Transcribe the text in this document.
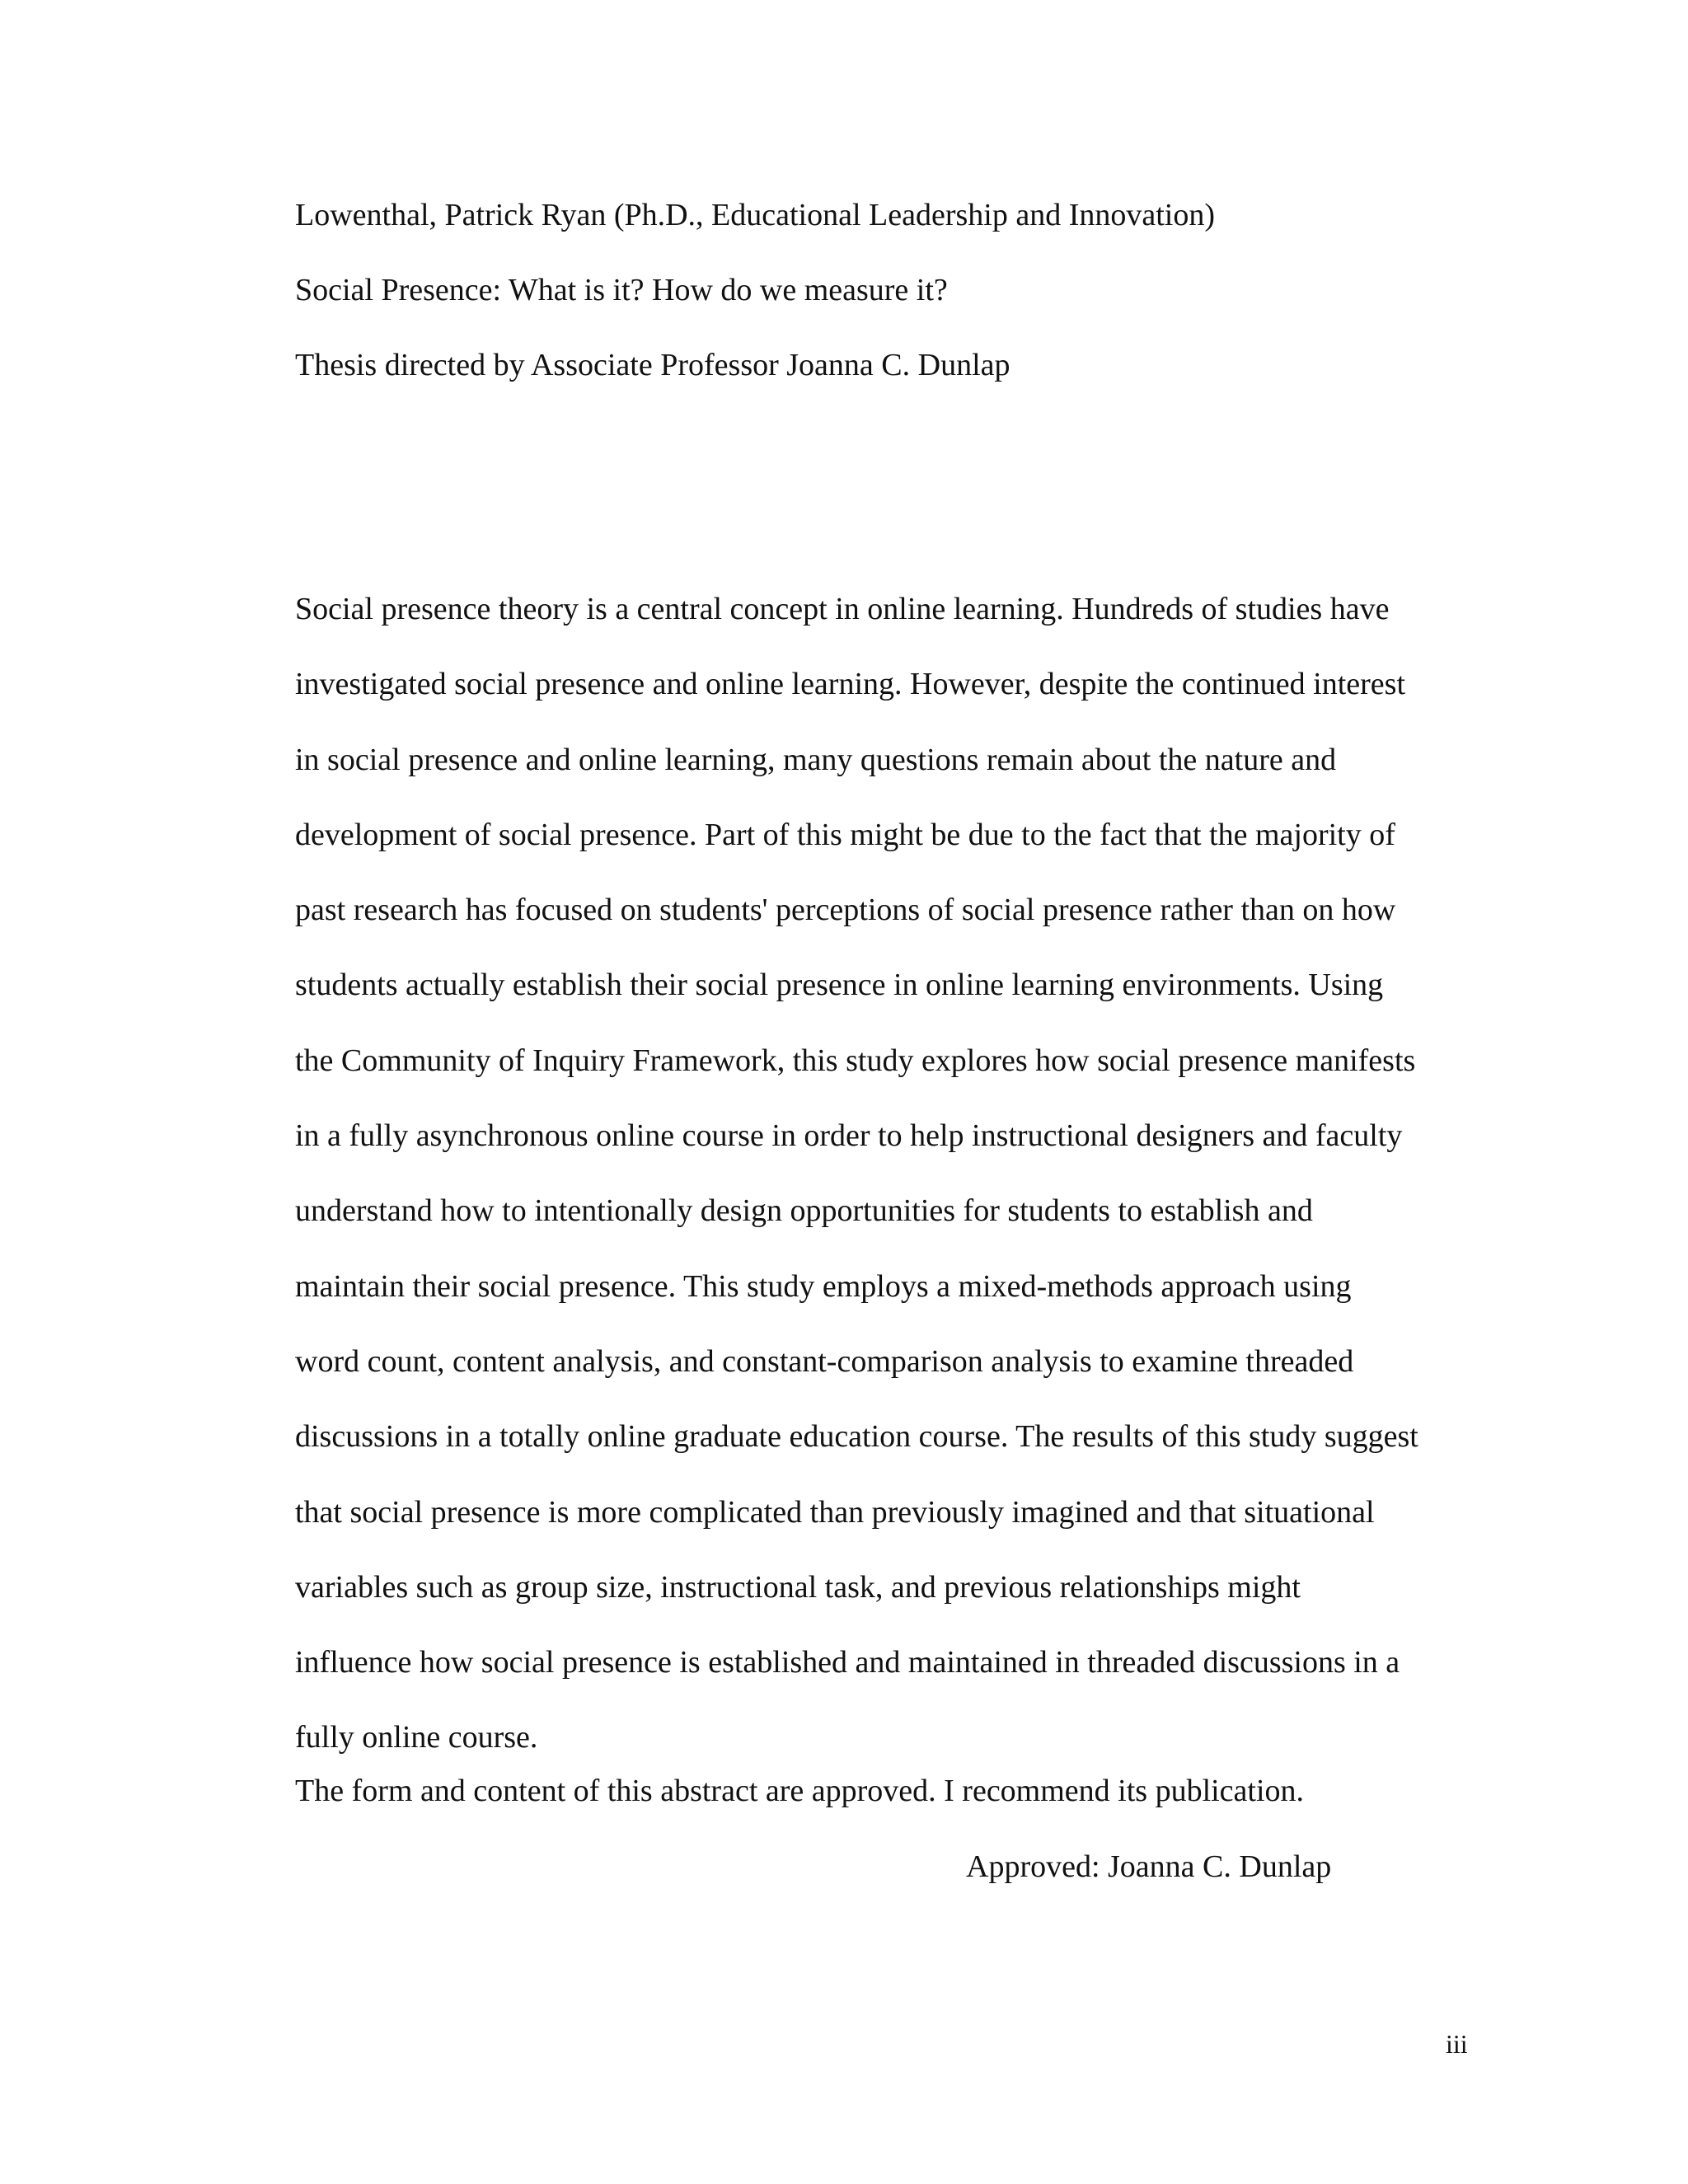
Lowenthal, Patrick Ryan (Ph.D., Educational Leadership and Innovation)

Social Presence: What is it? How do we measure it?

Thesis directed by Associate Professor Joanna C. Dunlap

Social presence theory is a central concept in online learning. Hundreds of studies have
investigated social presence and online learning. However, despite the continued interest
in social presence and online learning, many questions remain about the nature and
development of social presence. Part of this might be due to the fact that the majority of
past research has focused on students' perceptions of social presence rather than on how
students actually establish their social presence in online learning environments. Using
the Community of Inquiry Framework, this study explores how social presence manifests
in a fully asynchronous online course in order to help instructional designers and faculty
understand how to intentionally design opportunities for students to establish and
maintain their social presence. This study employs a mixed-methods approach using
word count, content analysis, and constant-comparison analysis to examine threaded
discussions in a totally online graduate education course. The results of this study suggest
that social presence is more complicated than previously imagined and that situational
variables such as group size, instructional task, and previous relationships might
influence how social presence is established and maintained in threaded discussions in a
fully online course.

The form and content of this abstract are approved. I recommend its publication.

Approved: Joanna C. Dunlap
iii
